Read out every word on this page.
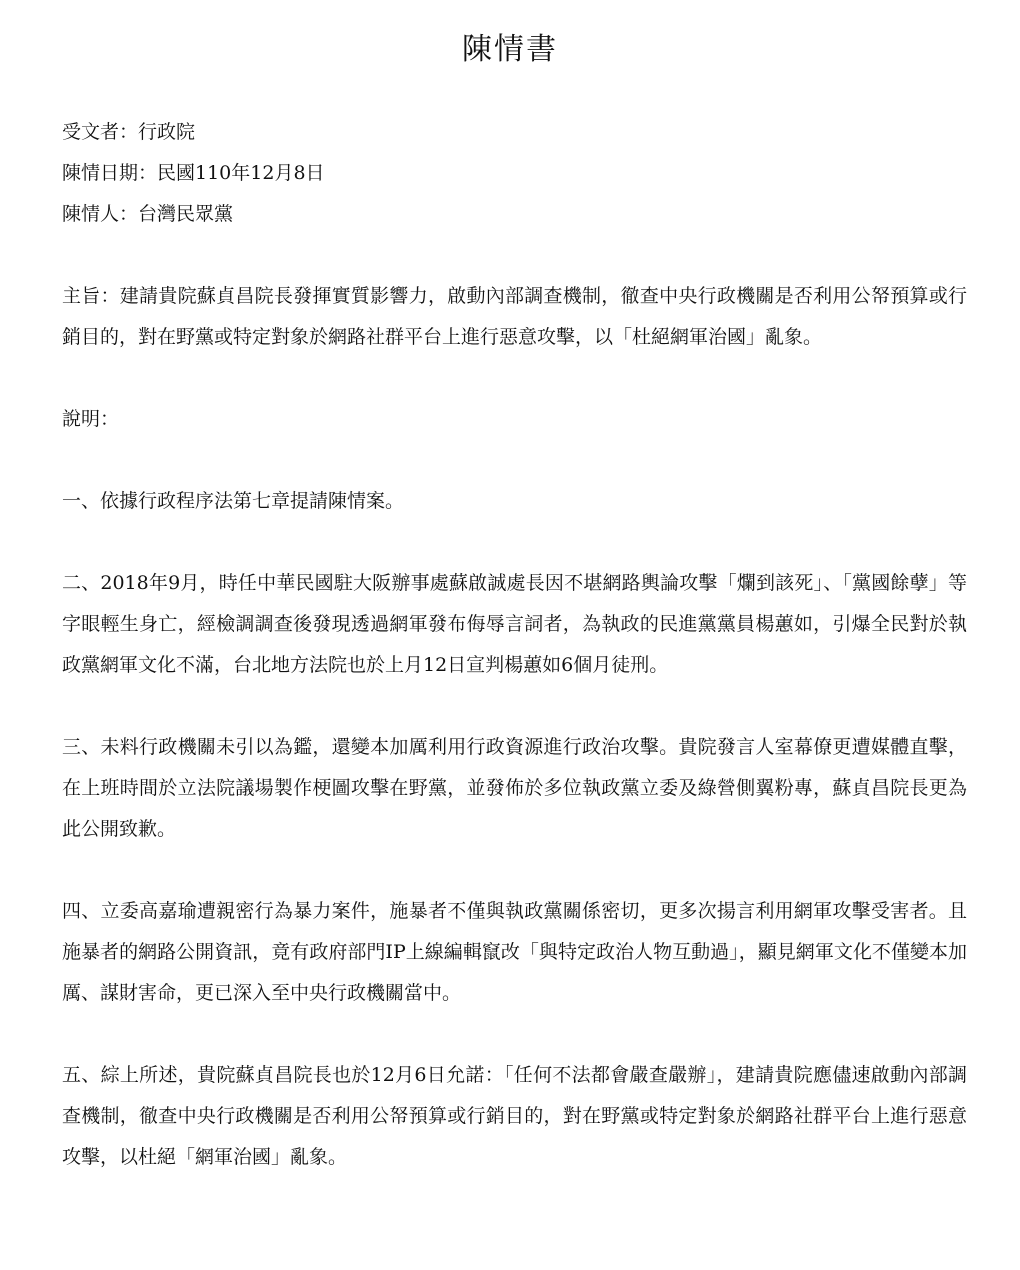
陳情書

受文者：行政院

陳情日期：民國110年12月8日

陳情人：台灣民眾黨

主旨：建請貴院蘇貞昌院長發揮實質影響力，啟動內部調查機制，徹查中央行政機關是否利用公帑預算或行銷目的，對在野黨或特定對象於網路社群平台上進行惡意攻擊，以「杜絕網軍治國」亂象。

說明：

一、依據行政程序法第七章提請陳情案。

二、2018年9月，時任中華民國駐大阪辦事處蘇啟誠處長因不堪網路輿論攻擊「爛到該死」、「黨國餘孽」等字眼輕生身亡，經檢調調查後發現透過網軍發布侮辱言詞者，為執政的民進黨黨員楊蕙如，引爆全民對於執政黨網軍文化不滿，台北地方法院也於上月12日宣判楊蕙如6個月徒刑。

三、未料行政機關未引以為鑑，還變本加厲利用行政資源進行政治攻擊。貴院發言人室幕僚更遭媒體直擊，在上班時間於立法院議場製作梗圖攻擊在野黨，並發佈於多位執政黨立委及綠營側翼粉專，蘇貞昌院長更為此公開致歉。

四、立委高嘉瑜遭親密行為暴力案件，施暴者不僅與執政黨關係密切，更多次揚言利用網軍攻擊受害者。且施暴者的網路公開資訊，竟有政府部門IP上線編輯竄改「與特定政治人物互動過」，顯見網軍文化不僅變本加厲、謀財害命，更已深入至中央行政機關當中。

五、綜上所述，貴院蘇貞昌院長也於12月6日允諾：「任何不法都會嚴查嚴辦」，建請貴院應儘速啟動內部調查機制，徹查中央行政機關是否利用公帑預算或行銷目的，對在野黨或特定對象於網路社群平台上進行惡意攻擊，以杜絕「網軍治國」亂象。
